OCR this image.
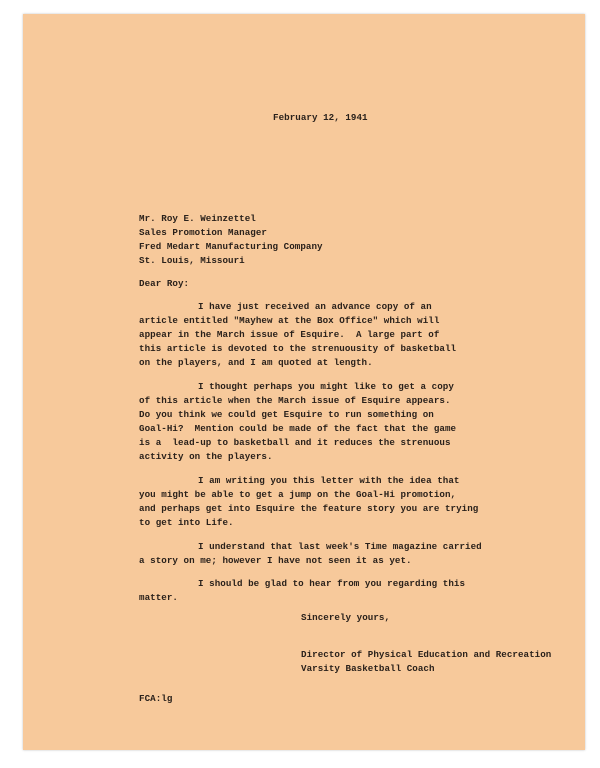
February 12, 1941
Mr. Roy E. Weinzettel
Sales Promotion Manager
Fred Medart Manufacturing Company
St. Louis, Missouri
Dear Roy:
I have just received an advance copy of an
article entitled "Mayhew at the Box Office" which will
appear in the March issue of Esquire.  A large part of
this article is devoted to the strenuousity of basketball
on the players, and I am quoted at length.
I thought perhaps you might like to get a copy
of this article when the March issue of Esquire appears.
Do you think we could get Esquire to run something on
Goal-Hi?  Mention could be made of the fact that the game
is a  lead-up to basketball and it reduces the strenuous
activity on the players.
I am writing you this letter with the idea that
you might be able to get a jump on the Goal-Hi promotion,
and perhaps get into Esquire the feature story you are trying
to get into Life.
I understand that last week's Time magazine carried
a story on me; however I have not seen it as yet.
I should be glad to hear from you regarding this
matter.
Sincerely yours,
Director of Physical Education and Recreation
Varsity Basketball Coach
FCA:lg
